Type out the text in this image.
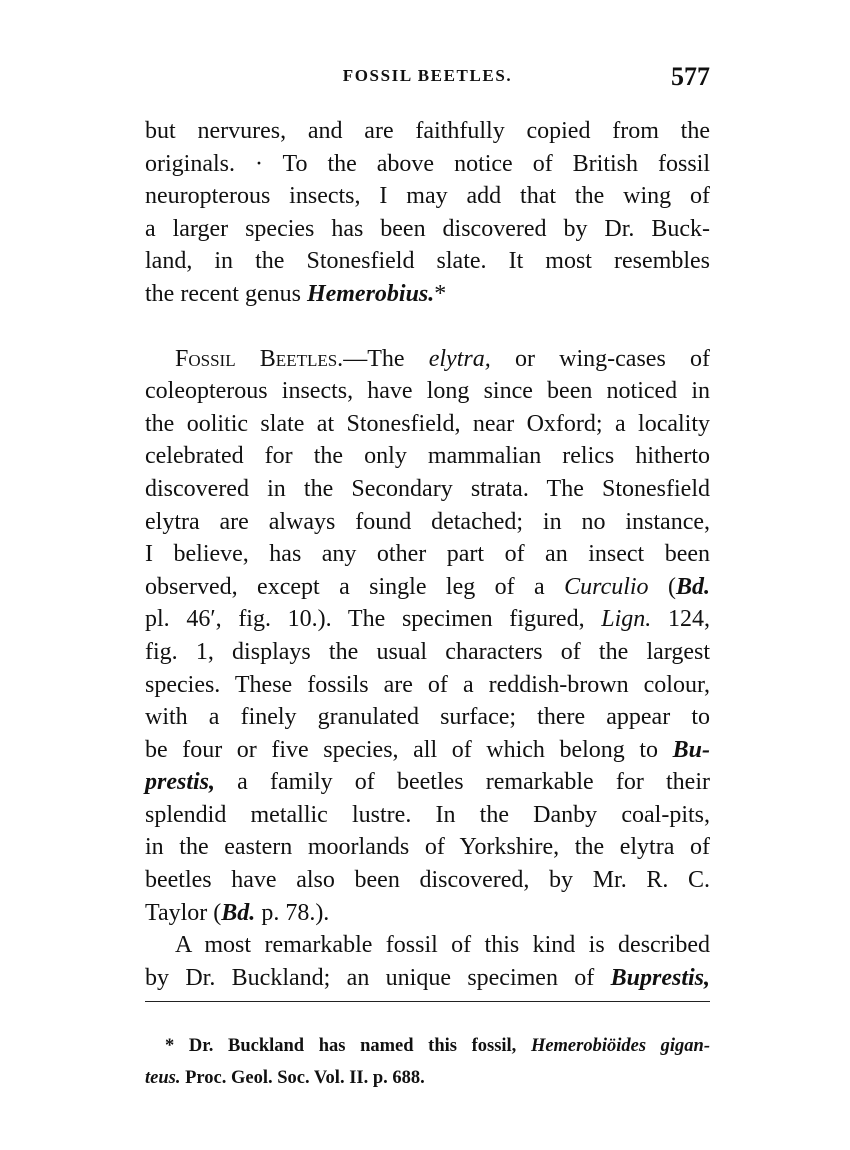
FOSSIL BEETLES.	577
but nervures, and are faithfully copied from the
originals. · To the above notice of British fossil
neuropterous insects, I may add that the wing of
a larger species has been discovered by Dr. Buck-
land, in the Stonesfield slate. It most resembles
the recent genus Hemerobius.*
Fossil Beetles.—The elytra, or wing-cases of
coleopterous insects, have long since been noticed in
the oolitic slate at Stonesfield, near Oxford; a locality
celebrated for the only mammalian relics hitherto
discovered in the Secondary strata. The Stonesfield
elytra are always found detached; in no instance,
I believe, has any other part of an insect been
observed, except a single leg of a Curculio (Bd.
pl. 46′, fig. 10.). The specimen figured, Lign. 124,
fig. 1, displays the usual characters of the largest
species. These fossils are of a reddish-brown colour,
with a finely granulated surface; there appear to
be four or five species, all of which belong to Bu-
prestis, a family of beetles remarkable for their
splendid metallic lustre. In the Danby coal-pits,
in the eastern moorlands of Yorkshire, the elytra of
beetles have also been discovered, by Mr. R. C.
Taylor (Bd. p. 78.).
A most remarkable fossil of this kind is described
by Dr. Buckland; an unique specimen of Buprestis,
* Dr. Buckland has named this fossil, Hemerobiöides gigan-
teus. Proc. Geol. Soc. Vol. II. p. 688.
